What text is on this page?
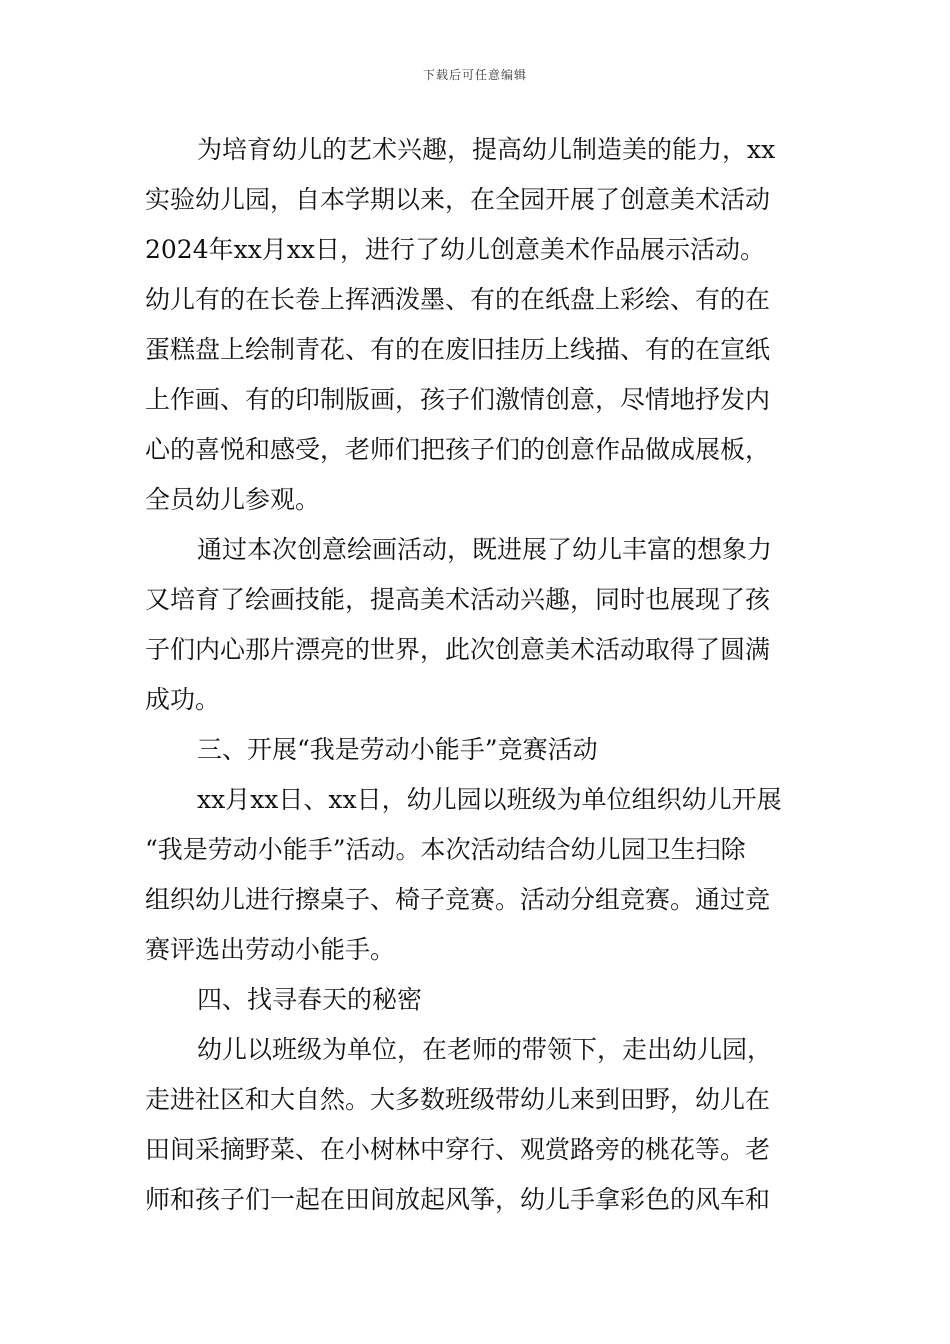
下载后可任意编辑
为培育幼儿的艺术兴趣，提高幼儿制造美的能力，xx
实验幼儿园，自本学期以来，在全园开展了创意美术活动
2024年xx月xx日，进行了幼儿创意美术作品展示活动。
幼儿有的在长卷上挥洒泼墨、有的在纸盘上彩绘、有的在
蛋糕盘上绘制青花、有的在废旧挂历上线描、有的在宣纸
上作画、有的印制版画，孩子们激情创意，尽情地抒发内
心的喜悦和感受，老师们把孩子们的创意作品做成展板，
全员幼儿参观。
通过本次创意绘画活动，既进展了幼儿丰富的想象力
又培育了绘画技能，提高美术活动兴趣，同时也展现了孩
子们内心那片漂亮的世界，此次创意美术活动取得了圆满
成功。
三、开展“我是劳动小能手”竞赛活动
xx月xx日、xx日，幼儿园以班级为单位组织幼儿开展
“我是劳动小能手”活动。本次活动结合幼儿园卫生扫除
组织幼儿进行擦桌子、椅子竞赛。活动分组竞赛。通过竞
赛评选出劳动小能手。
四、找寻春天的秘密
幼儿以班级为单位，在老师的带领下，走出幼儿园，
走进社区和大自然。大多数班级带幼儿来到田野，幼儿在
田间采摘野菜、在小树林中穿行、观赏路旁的桃花等。老
师和孩子们一起在田间放起风筝，幼儿手拿彩色的风车和
